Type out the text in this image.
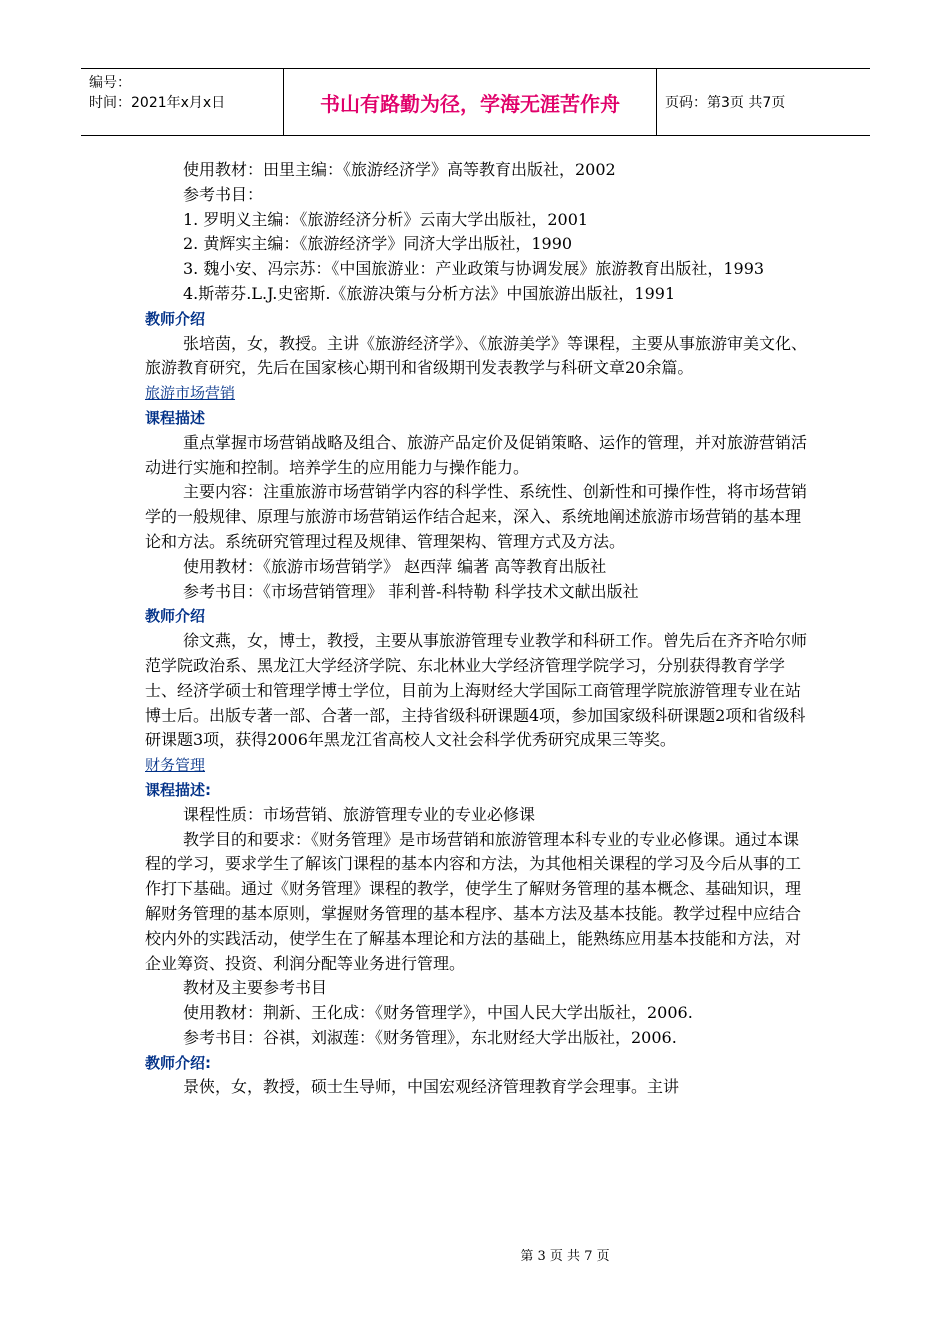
编号：
时间：2021年x月x日	书山有路勤为径，学海无涯苦作舟	页码：第3页 共7页

使用教材：田里主编：《旅游经济学》高等教育出版社，2002

参考书目：

1. 罗明义主编：《旅游经济分析》云南大学出版社，2001

2. 黄辉实主编：《旅游经济学》同济大学出版社，1990

3. 魏小安、冯宗苏：《中国旅游业：产业政策与协调发展》旅游教育出版社，1993

4.斯蒂芬.L.J.史密斯.《旅游决策与分析方法》中国旅游出版社，1991

教师介绍

张培茵，女，教授。主讲《旅游经济学》、《旅游美学》等课程，主要从事旅游审美文化、旅游教育研究，先后在国家核心期刊和省级期刊发表教学与科研文章20余篇。

旅游市场营销

课程描述

重点掌握市场营销战略及组合、旅游产品定价及促销策略、运作的管理，并对旅游营销活动进行实施和控制。培养学生的应用能力与操作能力。

主要内容：注重旅游市场营销学内容的科学性、系统性、创新性和可操作性，将市场营销学的一般规律、原理与旅游市场营销运作结合起来，深入、系统地阐述旅游市场营销的基本理论和方法。系统研究管理过程及规律、管理架构、管理方式及方法。

使用教材：《旅游市场营销学》 赵西萍 编著 高等教育出版社

参考书目：《市场营销管理》 菲利普-科特勒 科学技术文献出版社

教师介绍

徐文燕，女，博士，教授，主要从事旅游管理专业教学和科研工作。曾先后在齐齐哈尔师范学院政治系、黑龙江大学经济学院、东北林业大学经济管理学院学习，分别获得教育学学士、经济学硕士和管理学博士学位，目前为上海财经大学国际工商管理学院旅游管理专业在站博士后。出版专著一部、合著一部，主持省级科研课题4项，参加国家级科研课题2项和省级科研课题3项，获得2006年黑龙江省高校人文社会科学优秀研究成果三等奖。

财务管理

课程描述:

课程性质：市场营销、旅游管理专业的专业必修课

教学目的和要求：《财务管理》是市场营销和旅游管理本科专业的专业必修课。通过本课程的学习，要求学生了解该门课程的基本内容和方法，为其他相关课程的学习及今后从事的工作打下基础。通过《财务管理》课程的教学，使学生了解财务管理的基本概念、基础知识，理解财务管理的基本原则，掌握财务管理的基本程序、基本方法及基本技能。教学过程中应结合校内外的实践活动，使学生在了解基本理论和方法的基础上，能熟练应用基本技能和方法，对企业筹资、投资、利润分配等业务进行管理。

教材及主要参考书目

使用教材：荆新、王化成：《财务管理学》，中国人民大学出版社，2006.

参考书目：谷祺，刘淑莲：《财务管理》，东北财经大学出版社，2006.

教师介绍:

景俠，女，教授，硕士生导师，中国宏观经济管理教育学会理事。主讲

第 3 页 共 7 页
